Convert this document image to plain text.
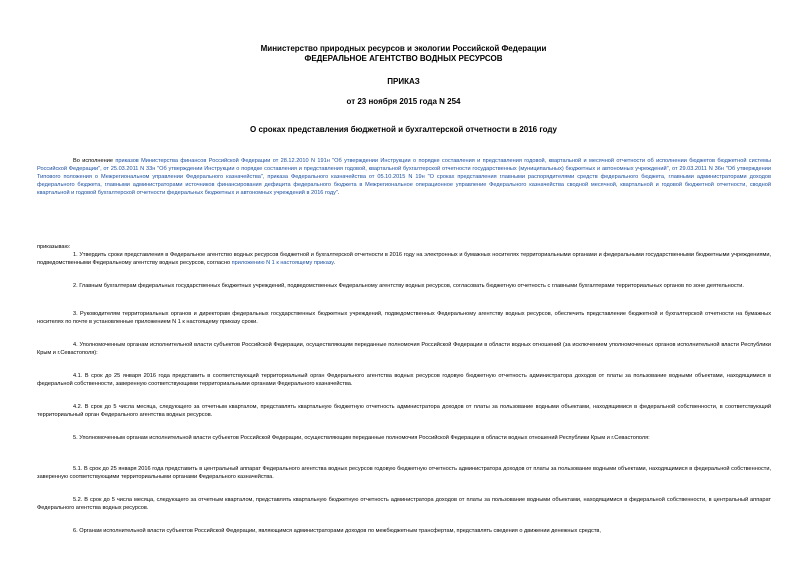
Министерство природных ресурсов и экологии Российской Федерации
ФЕДЕРАЛЬНОЕ АГЕНТСТВО ВОДНЫХ РЕСУРСОВ
ПРИКАЗ
от 23 ноября 2015 года N 254
О сроках представления бюджетной и бухгалтерской отчетности в 2016 году

Во исполнение приказов Министерства финансов Российской Федерации от 28.12.2010 N 191н "Об утверждении Инструкции о порядке составления и представления годовой, квартальной и месячной отчетности об исполнении бюджетов бюджетной системы Российской Федерации", от 25.03.2011 N 33н "Об утверждении Инструкции о порядке составления и представления годовой, квартальной бухгалтерской отчетности государственных (муниципальных) бюджетных и автономных учреждений", от 29.03.2011 N 36н "Об утверждении Типового положения о Межрегиональном управлении Федерального казначейства", приказа Федерального казначейства от 05.10.2015 N 19н "О сроках представления главными распорядителями средств федерального бюджета, главными администраторами доходов федерального бюджета, главными администраторами источников финансирования дефицита федерального бюджета в Межрегиональное операционное управление Федерального казначейства сводной месячной, квартальной и годовой бюджетной отчетности, сводной квартальной и годовой бухгалтерской отчетности федеральных бюджетных и автономных учреждений в 2016 году".

приказываю:

1. Утвердить сроки представления в Федеральное агентство водных ресурсов бюджетной и бухгалтерской отчетности в 2016 году на электронных и бумажных носителях территориальными органами и федеральными государственными бюджетными учреждениями, подведомственными Федеральному агентству водных ресурсов, согласно приложению N 1 к настоящему приказу.

2. Главным бухгалтерам федеральных государственных бюджетных учреждений, подведомственных Федеральному агентству водных ресурсов, согласовать бюджетную отчетность с главными бухгалтерами территориальных органов по зоне деятельности.

3. Руководителям территориальных органов и директорам федеральных государственных бюджетных учреждений, подведомственных Федеральному агентству водных ресурсов, обеспечить представление бюджетной и бухгалтерской отчетности на бумажных носителях по почте в установленные приложением N 1 к настоящему приказу сроки.

4. Уполномоченным органам исполнительной власти субъектов Российской Федерации, осуществляющим переданные полномочия Российской Федерации в области водных отношений (за исключением уполномоченных органов исполнительной власти Республики Крым и г.Севастополя):

4.1. В срок до 25 января 2016 года представить в соответствующий территориальный орган Федерального агентства водных ресурсов годовую бюджетную отчетность администратора доходов от платы за пользование водными объектами, находящимися в федеральной собственности, заверенную соответствующими территориальными органами Федерального казначейства.

4.2. В срок до 5 числа месяца, следующего за отчетным кварталом, представлять квартальную бюджетную отчетность администратора доходов от платы за пользование водными объектами, находящимися в федеральной собственности, в соответствующий территориальный орган Федерального агентства водных ресурсов.

5. Уполномоченным органам исполнительной власти субъектов Российской Федерации, осуществляющим переданные полномочия Российской Федерации в области водных отношений Республики Крым и г.Севастополя:

5.1. В срок до 25 января 2016 года представить в центральный аппарат Федерального агентства водных ресурсов годовую бюджетную отчетность администратора доходов от платы за пользование водными объектами, находящимися в федеральной собственности, заверенную соответствующими территориальными органами Федерального казначейства.

5.2. В срок до 5 числа месяца, следующего за отчетным кварталом, представлять квартальную бюджетную отчетность администратора доходов от платы за пользование водными объектами, находящимися в федеральной собственности, в центральный аппарат Федерального агентства водных ресурсов.

6. Органам исполнительной власти субъектов Российской Федерации, являющимся администраторами доходов по межбюджетным трансфертам, представлять сведения о движении денежных средств,
